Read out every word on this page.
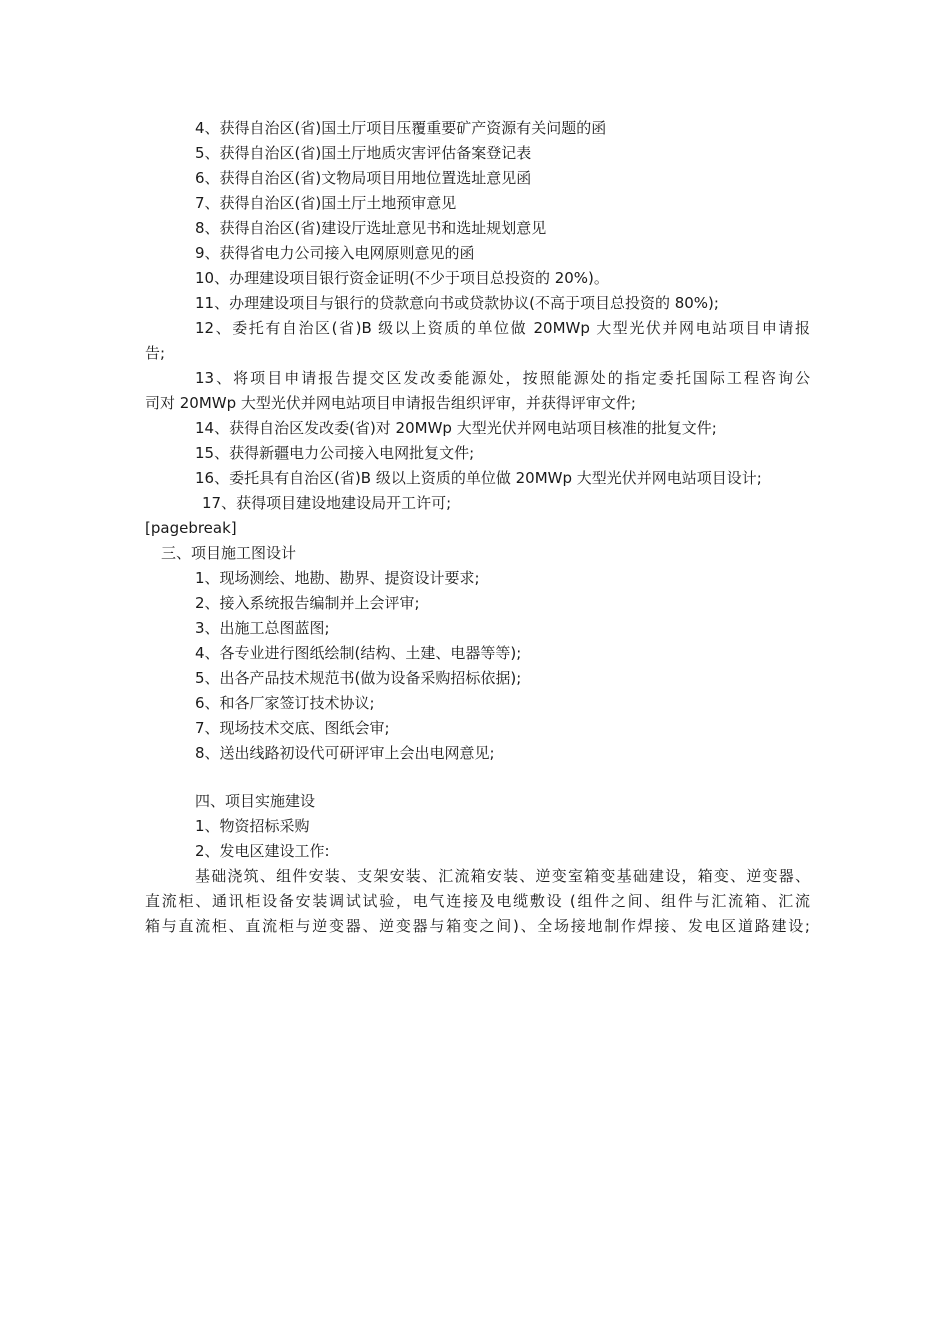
4、获得自治区(省)国土厅项目压覆重要矿产资源有关问题的函
5、获得自治区(省)国土厅地质灾害评估备案登记表
6、获得自治区(省)文物局项目用地位置选址意见函
7、获得自治区(省)国土厅土地预审意见
8、获得自治区(省)建设厅选址意见书和选址规划意见
9、获得省电力公司接入电网原则意见的函
10、办理建设项目银行资金证明(不少于项目总投资的 20%)。
11、办理建设项目与银行的贷款意向书或贷款协议(不高于项目总投资的 80%);
12、委托有自治区(省)B 级以上资质的单位做 20MWp 大型光伏并网电站项目申请报
告;
13、将项目申请报告提交区发改委能源处，按照能源处的指定委托国际工程咨询公
司对 20MWp 大型光伏并网电站项目申请报告组织评审，并获得评审文件;
14、获得自治区发改委(省)对 20MWp 大型光伏并网电站项目核准的批复文件;
15、获得新疆电力公司接入电网批复文件;
16、委托具有自治区(省)B 级以上资质的单位做 20MWp 大型光伏并网电站项目设计;
17、获得项目建设地建设局开工许可;
[pagebreak]
三、项目施工图设计
1、现场测绘、地勘、勘界、提资设计要求;
2、接入系统报告编制并上会评审;
3、出施工总图蓝图;
4、各专业进行图纸绘制(结构、土建、电器等等);
5、出各产品技术规范书(做为设备采购招标依据);
6、和各厂家签订技术协议;
7、现场技术交底、图纸会审;
8、送出线路初设代可研评审上会出电网意见;
四、项目实施建设
1、物资招标采购
2、发电区建设工作:
基础浇筑、组件安装、支架安装、汇流箱安装、逆变室箱变基础建设，箱变、逆变器、
直流柜、通讯柜设备安装调试试验，电气连接及电缆敷设 (组件之间、组件与汇流箱、汇流
箱与直流柜、直流柜与逆变器、逆变器与箱变之间)、全场接地制作焊接、发电区道路建设;
